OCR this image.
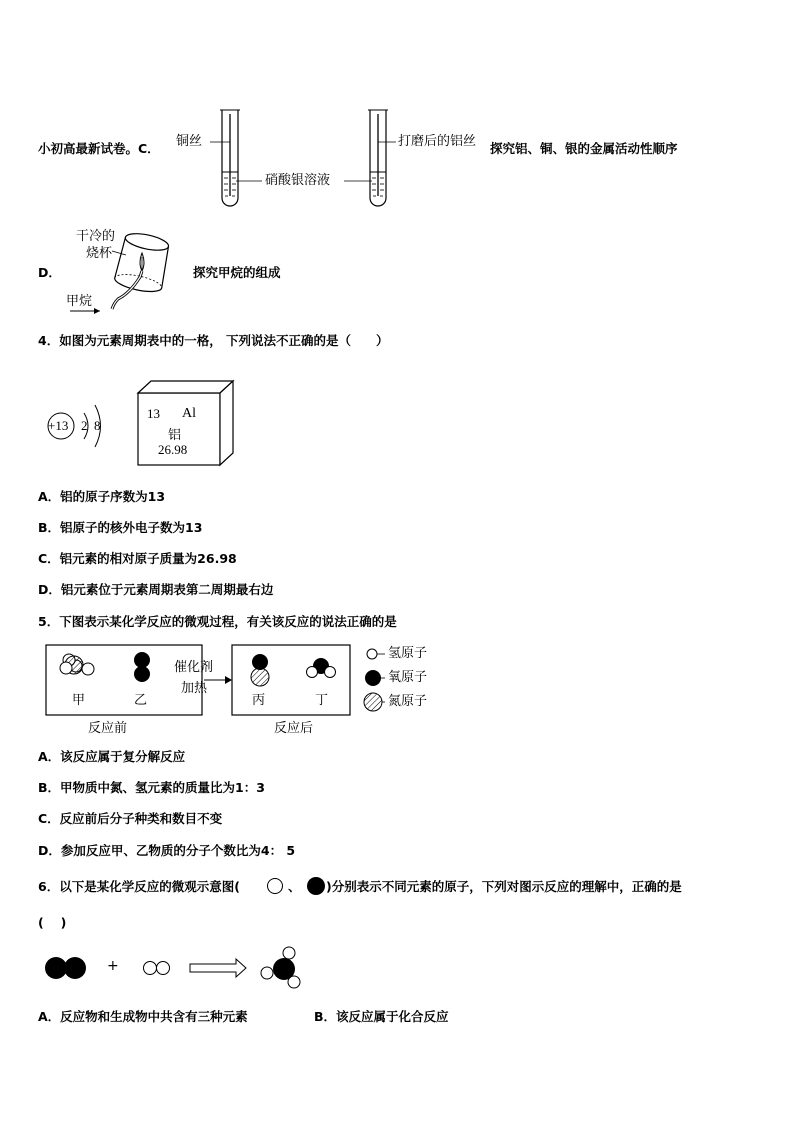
小初高最新试卷。C． 铜丝
硝酸银溶液
打磨后的铝丝 探究铝、铜、银的金属活动性顺序
D．
干冷的
烧杯
甲烷
探究甲烷的组成
4．如图为元素周期表中的一格， 下列说法不正确的是（　　）
+13 2 8
13 Al
铝
26.98
A．铝的原子序数为13
B．铝原子的核外电子数为13
C．铝元素的相对原子质量为26.98
D．铝元素位于元素周期表第二周期最右边
5．下图表示某化学反应的微观过程，有关该反应的说法正确的是
甲	乙
催化剂
加热
丙	丁
反应前	反应后
氢原子
氧原子
氮原子
A．该反应属于复分解反应
B．甲物质中氮、氢元素的质量比为1：3
C．反应前后分子种类和数目不变
D．参加反应甲、乙物质的分子个数比为4： 5
6．以下是某化学反应的微观示意图(	、 )分别表示不同元素的原子，下列对图示反应的理解中，正确的是
(　 )
+
A．反应物和生成物中共含有三种元素	B．该反应属于化合反应
